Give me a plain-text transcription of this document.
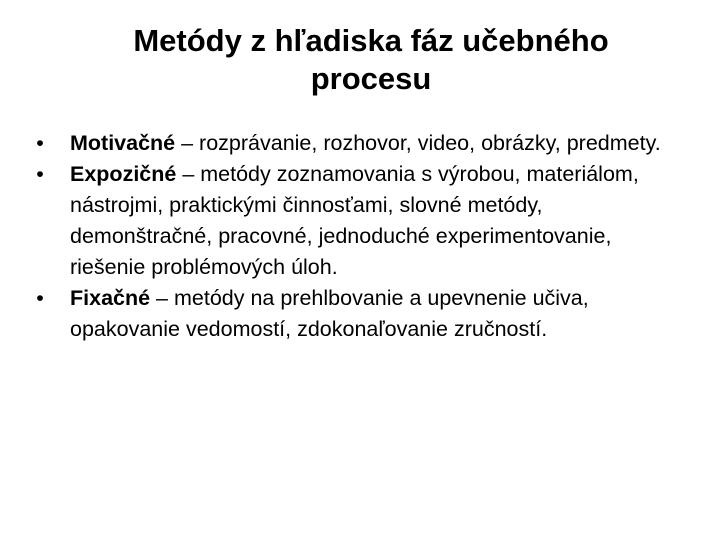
Metódy z hľadiska fáz učebného
procesu
• Motivačné – rozprávanie, rozhovor, video, obrázky, predmety.
• Expozičné – metódy zoznamovania s výrobou, materiálom, nástrojmi, praktickými činnosťami, slovné metódy, demonštračné, pracovné, jednoduché experimentovanie, riešenie problémových úloh.
• Fixačné – metódy na prehlbovanie a upevnenie učiva, opakovanie vedomostí, zdokonaľovanie zručností.
